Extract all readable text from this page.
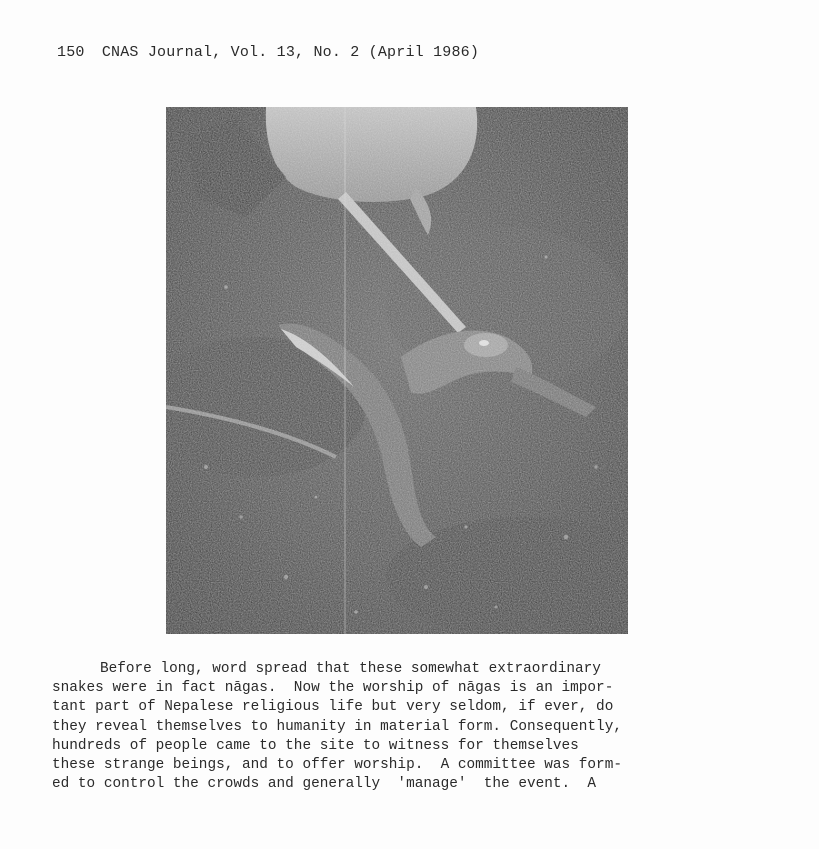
150 CNAS Journal, Vol. 13, No. 2 (April 1986)

Before long, word spread that these somewhat extraordinary
snakes were in fact nāgas.  Now the worship of nāgas is an impor-
tant part of Nepalese religious life but very seldom, if ever, do
they reveal themselves to humanity in material form. Consequently,
hundreds of people came to the site to witness for themselves
these strange beings, and to offer worship.  A committee was form-
ed to control the crowds and generally  'manage'  the event.  A
